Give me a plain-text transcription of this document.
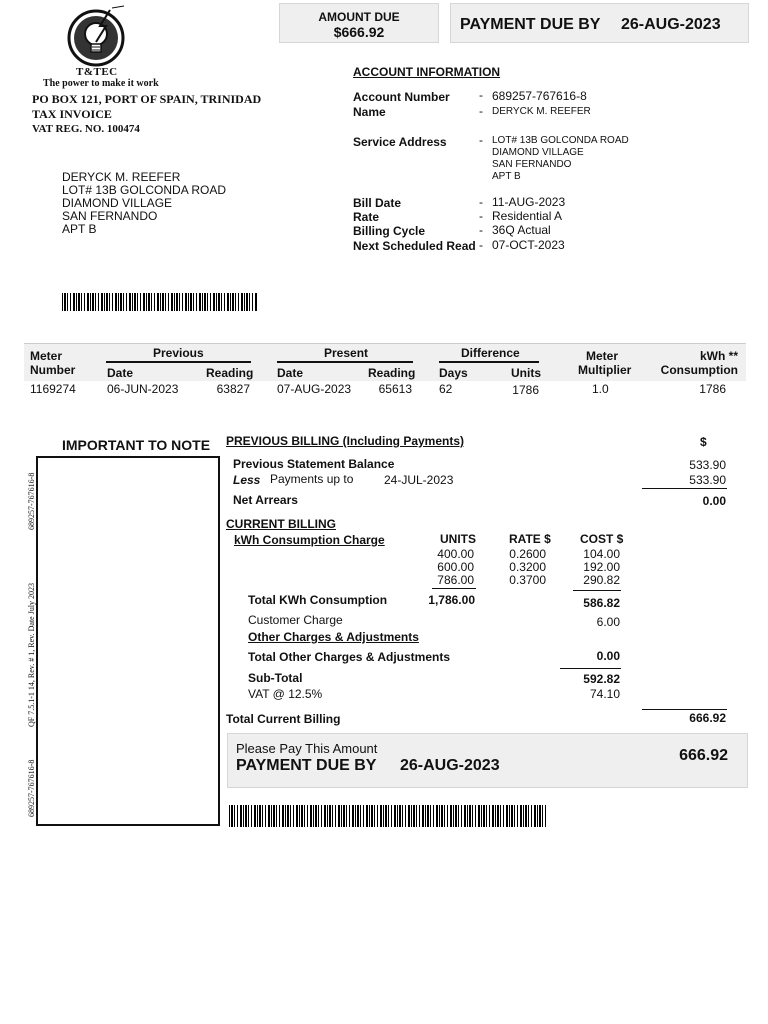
T&TEC
The power to make it work
PO BOX 121, PORT OF SPAIN, TRINIDAD
TAX INVOICE
VAT REG. NO. 100474
AMOUNT DUE
$666.92	PAYMENT DUE BY 26-AUG-2023
DERYCK M. REEFER
LOT# 13B GOLCONDA ROAD
DIAMOND VILLAGE
SAN FERNANDO
APT B
ACCOUNT INFORMATION
Account Number - 689257-767616-8
Name	- DERYCK M. REEFER
Service Address	- LOT# 13B GOLCONDA ROAD
DIAMOND VILLAGE
SAN FERNANDO
APT B
Bill Date	- 11-AUG-2023
Rate	- Residential A
Billing Cycle	- 36Q Actual
Next Scheduled Read - 07-OCT-2023
Meter
Number
Previous	Present	Difference
Date	Reading Date	Reading Days	Units
Meter
Multiplier
kWh **
Consumption
1169274	06-JUN-2023	63827 07-AUG-2023	65613 62	1786	1.0	1786
IMPORTANT TO NOTE
689257-767616-8
QF 7.5.1-1 14, Rev. # 1, Rev. Date July 2023
689257-767616-8
PREVIOUS BILLING (Including Payments)	$
Previous Statement Balance	533.90
Less Payments up to	24-JUL-2023	533.90
Net Arrears	0.00
CURRENT BILLING
kWh Consumption Charge	UNITS	RATE $ COST $
400.00	0.2600	104.00
600.00	0.3200	192.00
786.00	0.3700	290.82
Total KWh Consumption	1,786.00	586.82
Customer Charge	6.00
Other Charges & Adjustments
Total Other Charges & Adjustments	0.00
Sub-Total	592.82
VAT @ 12.5%	74.10
Total Current Billing	666.92
Please Pay This Amount
PAYMENT DUE BY 26-AUG-2023
666.92
